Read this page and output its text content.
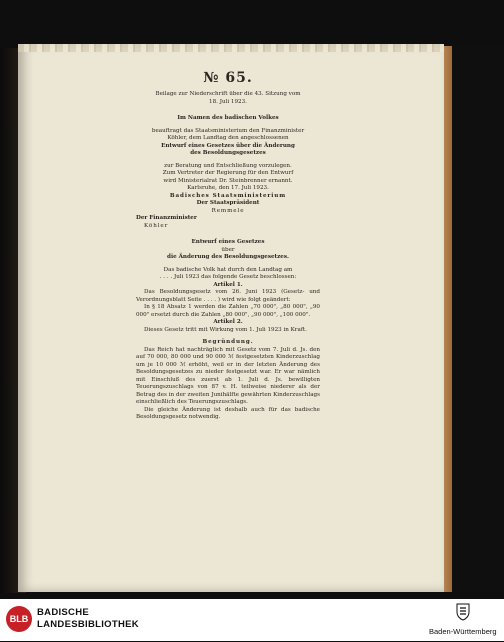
№ 65.
Beilage zur Niederschrift über die 43. Sitzung vom
18. Juli 1923.
Im Namen des badischen Volkes
beauftragt das Staatsministerium den Finanzminister
Köhler, dem Landtag den angeschlossenen
Entwurf eines Gesetzes über die Änderung
des Besoldungsgesetzes
zur Beratung und Entschließung vorzulegen.
Zum Vertreter der Regierung für den Entwurf
wird Ministerialrat Dr. Steinbrenner ernannt.
Karlsruhe, den 17. Juli 1923.
Badisches Staatsministerium
Der Staatspräsident
Remmele
Der Finanzminister
Köhler
Entwurf eines Gesetzes
über
die Änderung des Besoldungsgesetzes.
Das badische Volk hat durch den Landtag am
. . . . Juli 1923 das folgende Gesetz beschlossen:
Artikel 1.
Das Besoldungsgesetz vom 26. Juni 1923 (Gesetz- und Verordnungsblatt Seite . . . . ) wird wie folgt geändert:
In § 18 Absatz 1 werden die Zahlen „70 000", „80 000", „90 000" ersetzt durch die Zahlen „80 000", „90 000", „100 000".
Artikel 2.
Dieses Gesetz tritt mit Wirkung vom 1. Juli 1923 in Kraft.
Begründung.
Das Reich hat nachträglich mit Gesetz vom 7. Juli d. Js. den auf 70 000, 80 000 und 90 000 ℳ festgesetzten Kinderzuschlag um je 10 000 ℳ erhöht, weil er in der letzten Änderung des Besoldungsgesetzes zu nieder festgesetzt war. Er war nämlich mit Einschluß des zuerst ab 1. Juli d. Js. bewilligten Teuerungszuschlags von 87 v. H. teilweise niederer als der Betrag des in der zweiten Junihälfte gewährten Kinderzuschlags einschließlich des Teuerungszuschlags.
Die gleiche Änderung ist deshalb auch für das badische Besoldungsgesetz notwendig.
BLB
BADISCHE
LANDESBIBLIOTHEK
Baden-Württemberg
